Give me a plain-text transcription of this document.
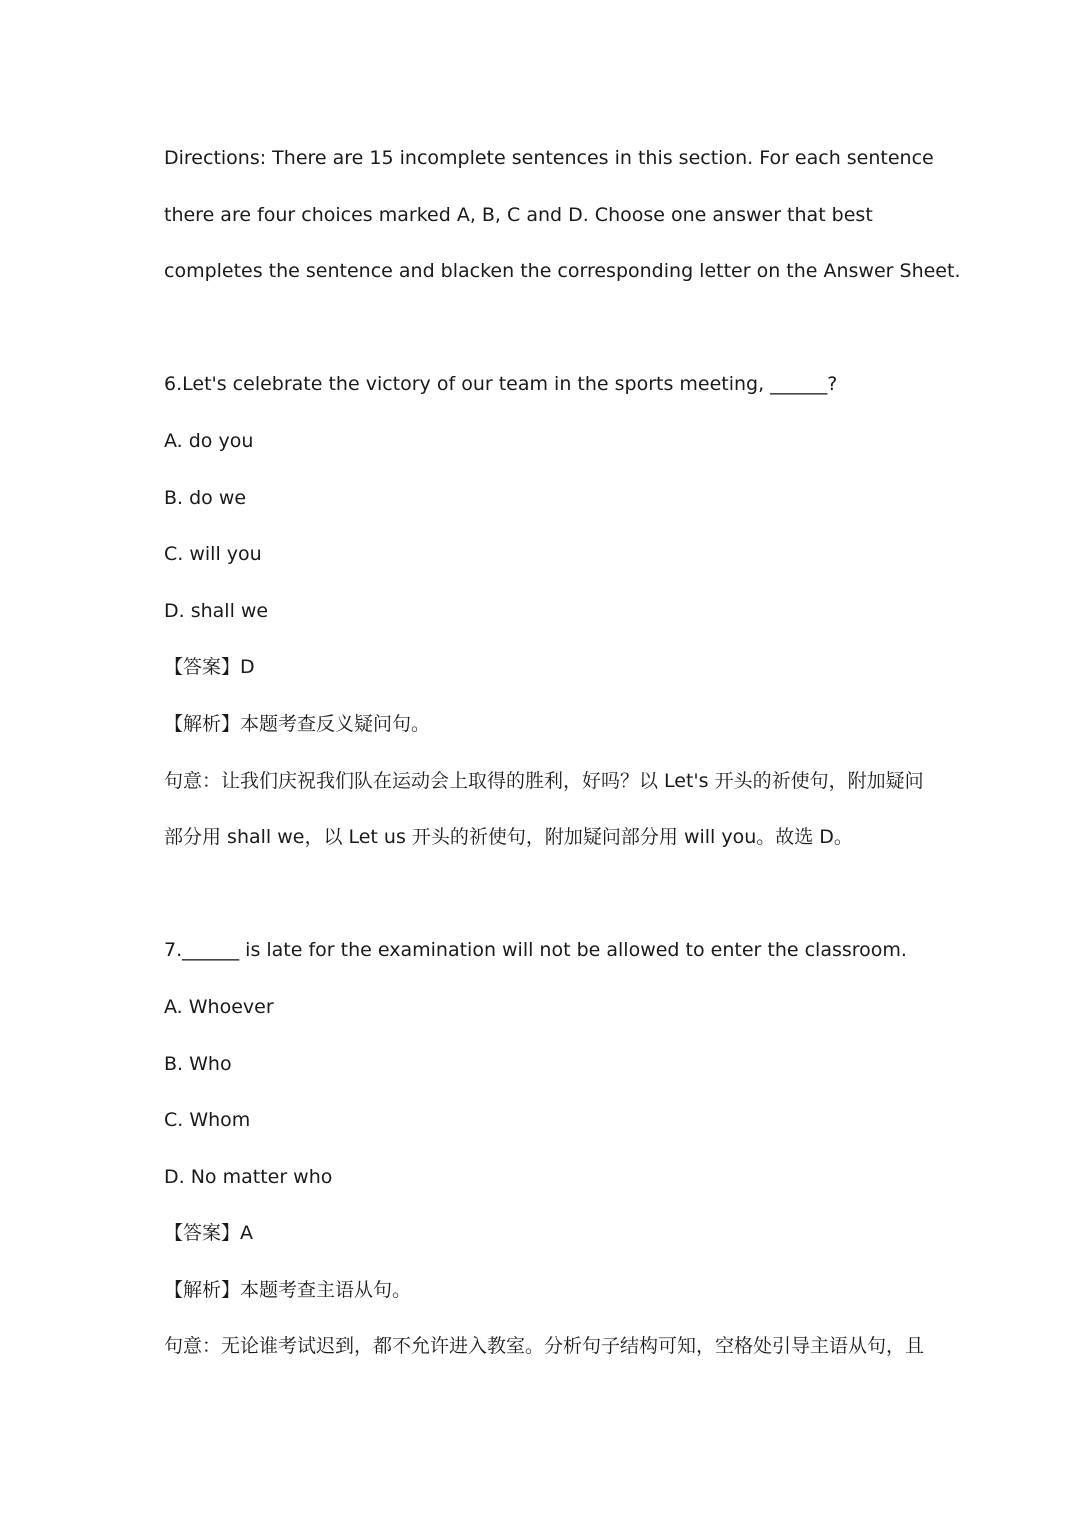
Directions: There are 15 incomplete sentences in this section. For each sentence
there are four choices marked A, B, C and D. Choose one answer that best
completes the sentence and blacken the corresponding letter on the Answer Sheet.
6.Let's celebrate the victory of our team in the sports meeting, ______?
A. do you
B. do we
C. will you
D. shall we
【答案】D
【解析】本题考查反义疑问句。
句意：让我们庆祝我们队在运动会上取得的胜利，好吗？以 Let's 开头的祈使句，附加疑问
部分用 shall we，以 Let us 开头的祈使句，附加疑问部分用 will you。故选 D。
7.______ is late for the examination will not be allowed to enter the classroom.
A. Whoever
B. Who
C. Whom
D. No matter who
【答案】A
【解析】本题考查主语从句。
句意：无论谁考试迟到，都不允许进入教室。分析句子结构可知，空格处引导主语从句，且
